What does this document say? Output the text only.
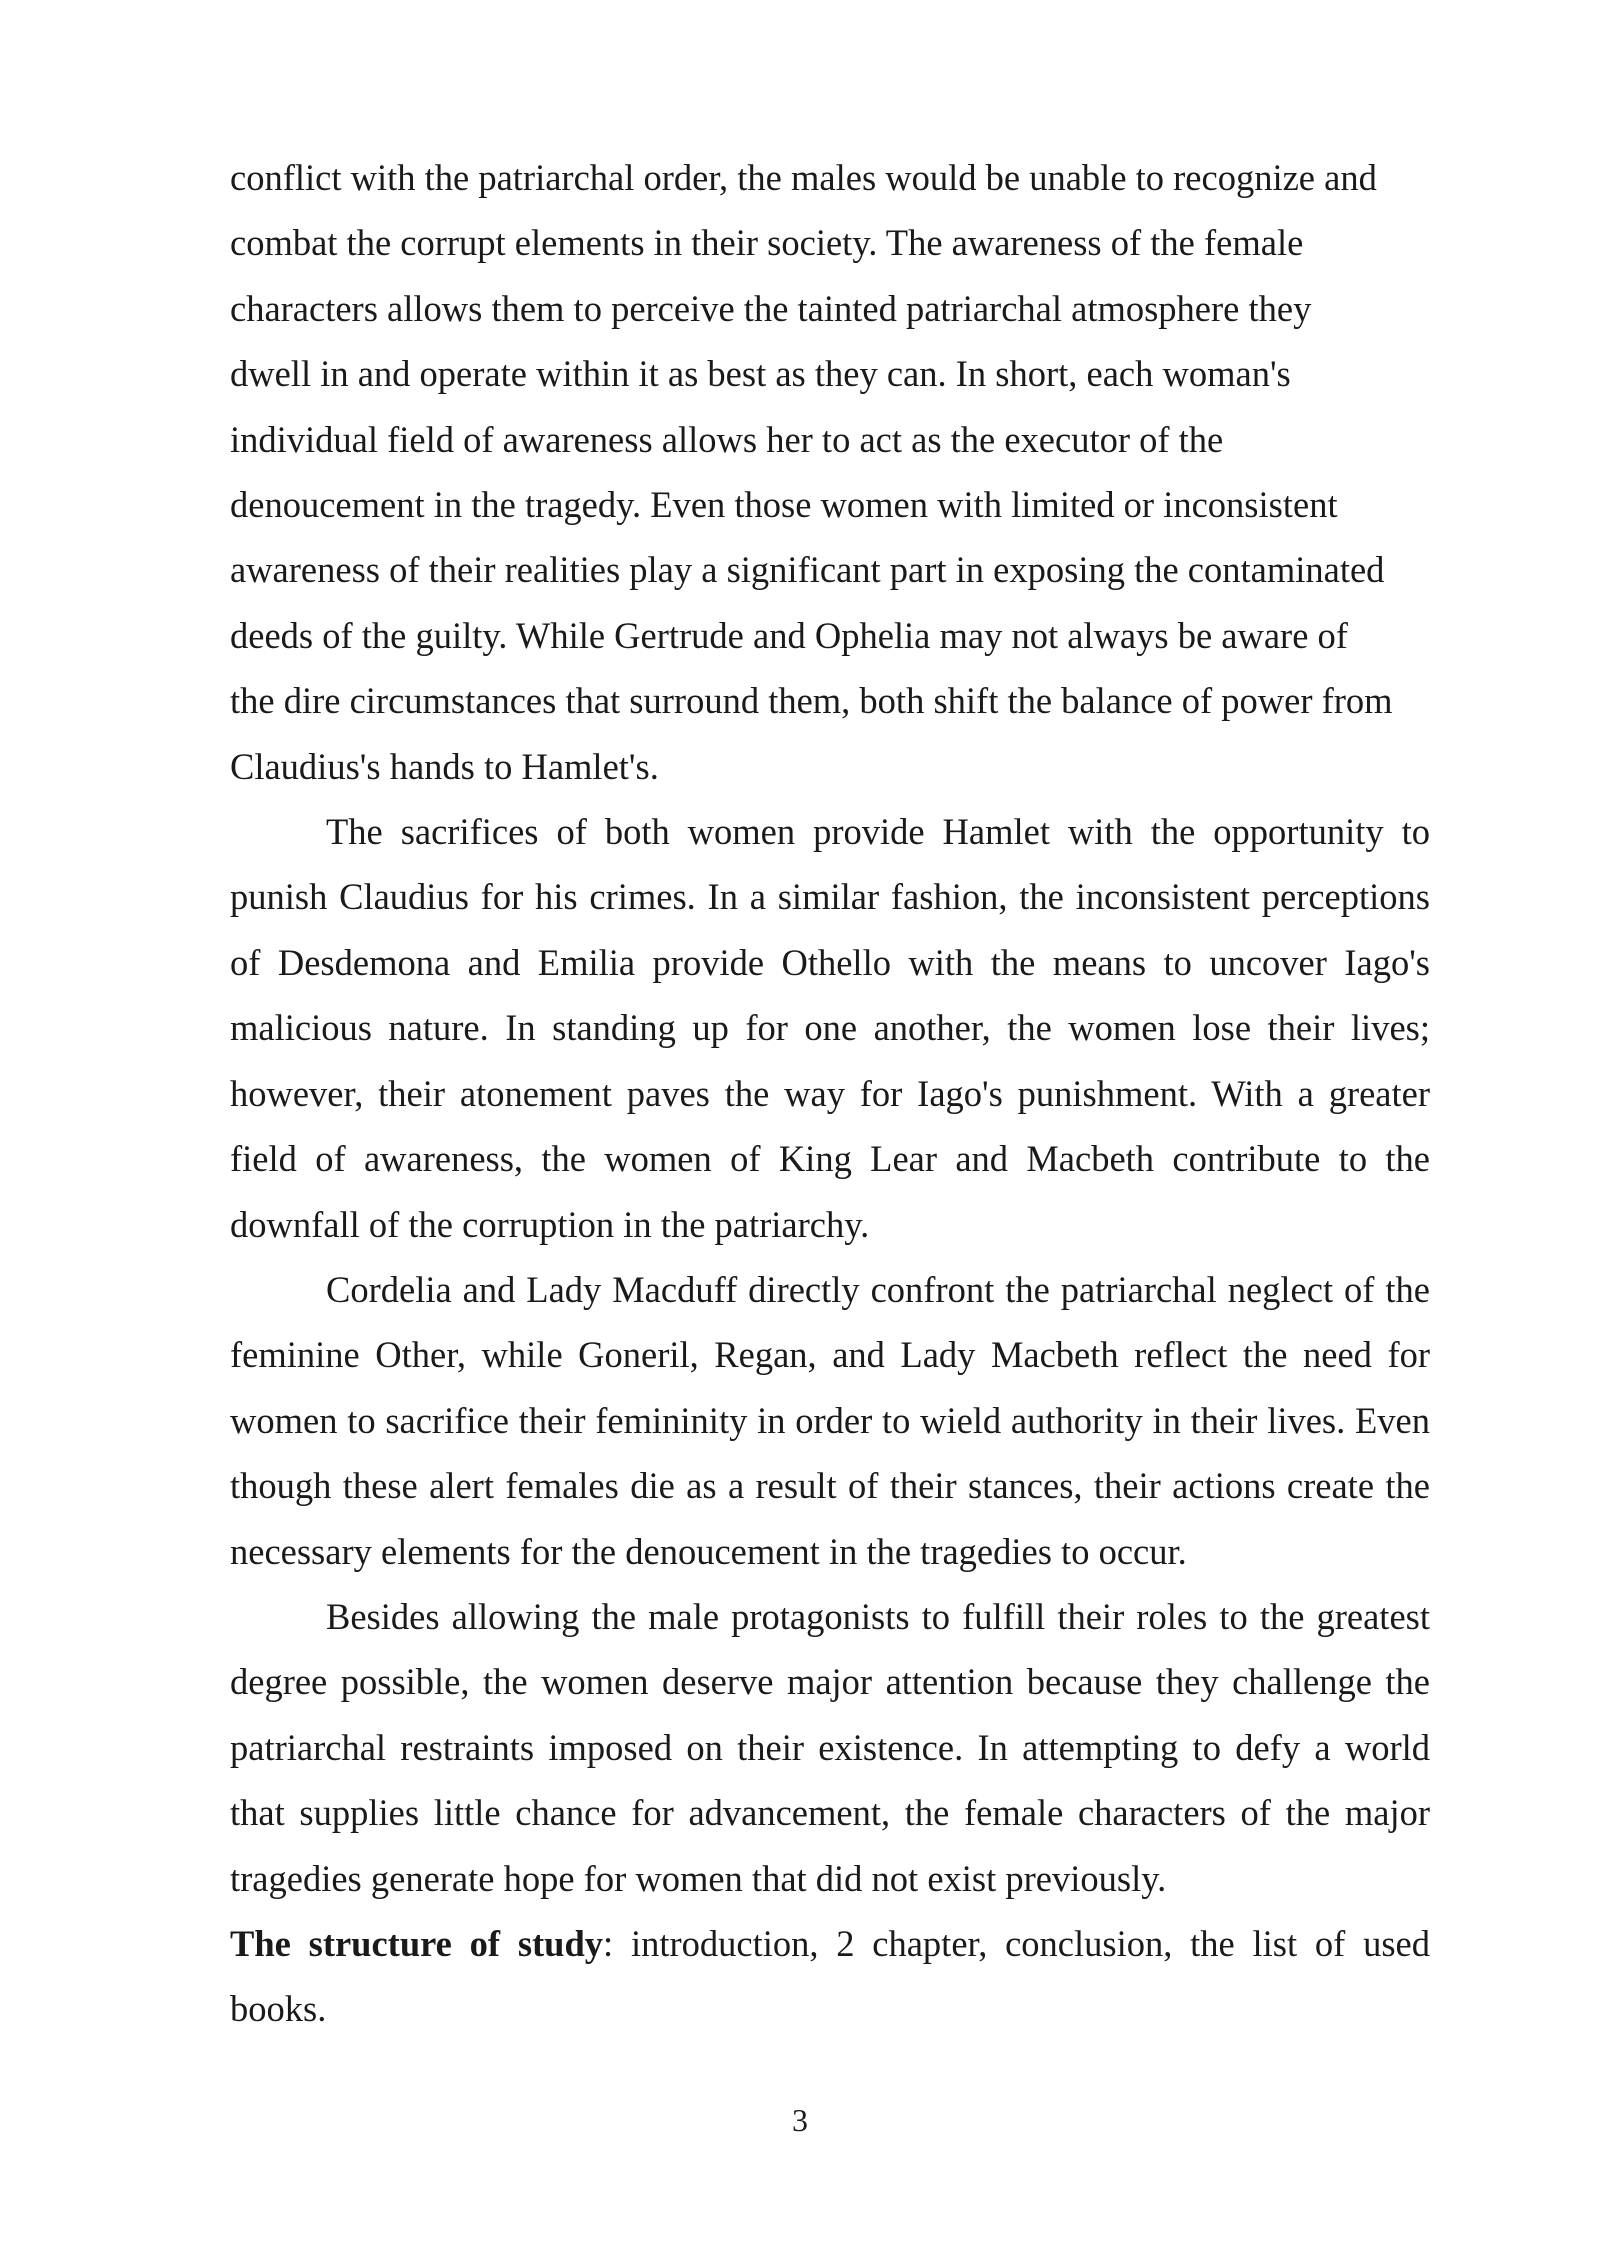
conflict with the patriarchal order, the males would be unable to recognize and
combat the corrupt elements in their society. The awareness of the female
characters allows them to perceive the tainted patriarchal atmosphere they
dwell in and operate within it as best as they can. In short, each woman's
individual field of awareness allows her to act as the executor of the
denoucement in the tragedy. Even those women with limited or inconsistent
awareness of their realities play a significant part in exposing the contaminated
deeds of the guilty. While Gertrude and Ophelia may not always be aware of
the dire circumstances that surround them, both shift the balance of power from
Claudius's hands to Hamlet's.

The sacrifices of both women provide Hamlet with the opportunity to punish Claudius for his crimes. In a similar fashion, the inconsistent perceptions of Desdemona and Emilia provide Othello with the means to uncover Iago's malicious nature. In standing up for one another, the women lose their lives; however, their atonement paves the way for Iago's punishment. With a greater field of awareness, the women of King Lear and Macbeth contribute to the downfall of the corruption in the patriarchy.

Cordelia and Lady Macduff directly confront the patriarchal neglect of the feminine Other, while Goneril, Regan, and Lady Macbeth reflect the need for women to sacrifice their femininity in order to wield authority in their lives. Even though these alert females die as a result of their stances, their actions create the necessary elements for the denoucement in the tragedies to occur.

Besides allowing the male protagonists to fulfill their roles to the greatest degree possible, the women deserve major attention because they challenge the patriarchal restraints imposed on their existence. In attempting to defy a world that supplies little chance for advancement, the female characters of the major tragedies generate hope for women that did not exist previously.

The structure of study: introduction, 2 chapter, conclusion, the list of used books.

3
